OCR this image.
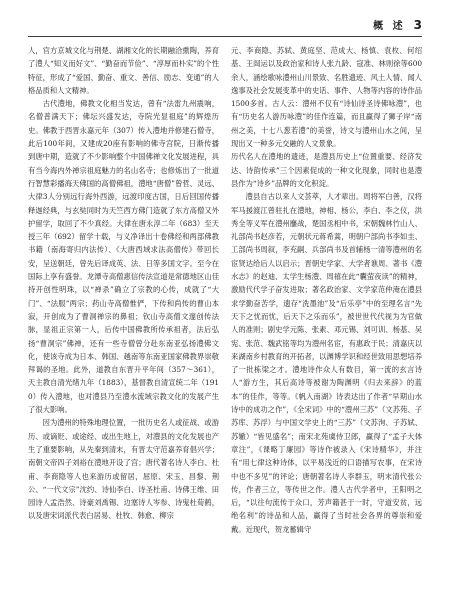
概 述 3

人，官方京城文化与荆楚、湖湘文化的长期融洽熏陶，养育了澧人“知义而好文”、“勤奋而节俭”、“淳厚而朴实”的个性特征，形成了“爱国、勤奋、重文、善信、励志、变通”的人格品质和人文精神。

古代澧地，佛教文化相当发达，曾有“法雷九州震响，名僧普满天下；佛坛兴盛发达，寺院光显祖庭”的辉煌历史。佛教于西晋永嘉元年（307）传入澧地并修建石僧寺，此后100年间，又建成20座有影响的佛寺宫院，日渐传播到唐中期，造就了不少影响整个中国佛禅文化发展进程，具有当今海内外禅宗祖庭魅力的名山名寺；也修炼出了一批道行智慧彩播海天佛国的高僧佛祖，澧地“唐僧”曾哲、灵远、大律3人分别远行海外西游，远渡印度古国，日后回国传播释迦经典，与玄奘同时为天竺西方佛门造就了东方高僧又外护留学，取回了不少真经。大律在唐永淳二年（683）至天授三年（692）留学十载，与义净译出十卷佛经和两部佛教书籍（南海寄归内法传）、《大唐西域求法高僧传》带回长安，呈送朝廷，曾先后译成英、法、日等多国文字。至今在国际上享有盛誉。龙潭寺高僧惠信传法宣道是常德地区山佳持开创性明珠，以“禅杀”确立了宗教的心传，成就了“大门”、“法服”两宗；药山寺高僧惟俨，下传和尚传的曹山本寂，开创成为了曹洞禅宗的鼻祖；钦山寺高僧文邃创传法脉，显祖正宗第一人，后传中国佛教所传承祖者，法后弘扬“曹洞宗”佛禅，还有一些寺僧曾分赴东南亚弘扬澧佛文化，使该寺成为日本、韩国、越南等东南亚国家佛教界崇敬拜谒的圣地。此外，道教自东晋升平年间（357～361），天主教自清光绪九年（1883），基督教自清宣统二年（1910）传入澧地，也对澧县乃至澧水流域宗教文化的发展产生了很大影响。

因为澧州的特殊地理位置，一批历史名人或征战、或游历、或谪贬、或途经、或出生地上，对澧县的文化发展也产生了重要影响，从先秦到清末，有晋太守范嘉养育倡兴学；南朝文帝四子刘裕在澧地开设了宫；唐代著名诗人李白、杜甫、李商隐等人也来游历或留居，屈原、宋玉、昌黎、荆公、“一代文宗”沈约、诗仙李白、诗圣杜甫、诗佛王维、田园诗人孟浩然、诗豪刘禹锡、边塞诗人岑参、诗鬼杜荀鹤，以及唐宋词派代表白居易、杜牧、韩愈、柳宗

元、李商隐、苏轼、黄庭坚、范成大、杨慎、袁枚、何绍基、王闿运以及政治家和诗人张九龄、寇准、林则徐等600余人，涵绘歌咏澧州山川景致、名胜遗迹、风土人情、闻人逸事及社会发展变革中的史话、事件、人物等内容的诗作品1500多首。古人云：澧州不仅有“诗仙诗圣诗佛咏澧”，也有“历史名人游历咏澧”的佳作连篇，而且赢得了狮子岸“南州之美，十七八葱若澧”的美誉，诗文与澧州山水之间，呈现出又一种多元交融的人文景象。

历代名人在澧地的遗迹，是澧县历史上“位置重要、经济发达、诗韵传承”三个因素促成的一种文化现象，同时也是澧县作为“诗乡”品牌的文化积淀。

澧县自古以来人文荟萃，人才辈出。周将军白善，汉将军马援渡江曾驻扎在澧地，神相、杨公，李白、李之仪，洪秀全等义军在澧州鏖战，楚国丞相中书，宋朝魏林竹山人、礼部尚书赵彦若，元朝状元蒋希蒿，明朝户部尚书李如圭、工部尚书周叙，李充嗣、兵部尚书及首辅杨一清等澧州的名宦贤达给后人以启示；晋朝史学家、大学者谯周、著书《澧水志》的赵迪、太学生杨澧、周禧在此“囊萤夜读”的精神，激励代代学子奋发进取；著名政治家、文学家范仲淹在澧县求学勤奋苦学，遗存“洗墨池”及“后乐亭”中的至理名言“先天下之忧而忧，后天下之乐而乐”，被世世代代视为为官做人的准则；剧史学元陈、张素、邓元锡、刘可训、杨基、吴宪、张范、魏武铭等均为澧州名宦，有惠政于民；清嘉庆以来湖南乡村教育的开拓者，以渊博学识和经世致用思想培养了一批栋梁之才。澧地诗作众人有数目，第一流的玄言诗人“游方生，其后高诗等被谢为陶渊明《归去来辞》的蓝本”的佳作，等等。《帆入南湖》诗表达出了作者“早期山水诗中的成功之作”，《全宋词》中的“澧州三苏”（文苏苑、子苏库、苏浮）与中国文学史上的“三苏”（文苏洵、子苏轼、苏辙）“皆见盛名”；南宋北苑虞侍卫郎，赢得了“孟子大体章注”，《课略丁廉园》等诗作被录入《宋诗精华》，并注有“用七律这种诗体，以平易浅近的口语描写农事，在宋诗中也不多见”的评论；唐朝著名诗人李群玉，明末清代张公传，作者三立，等传世之作。澧人古代学者中，王阳明之后，“以往句流传于众口，芳声籍甚于一时，守道安贫，远绝名利”的诗品和人品，赢得了当时社会各界的尊崇和爱戴。近现代，贺龙蓄辑守
